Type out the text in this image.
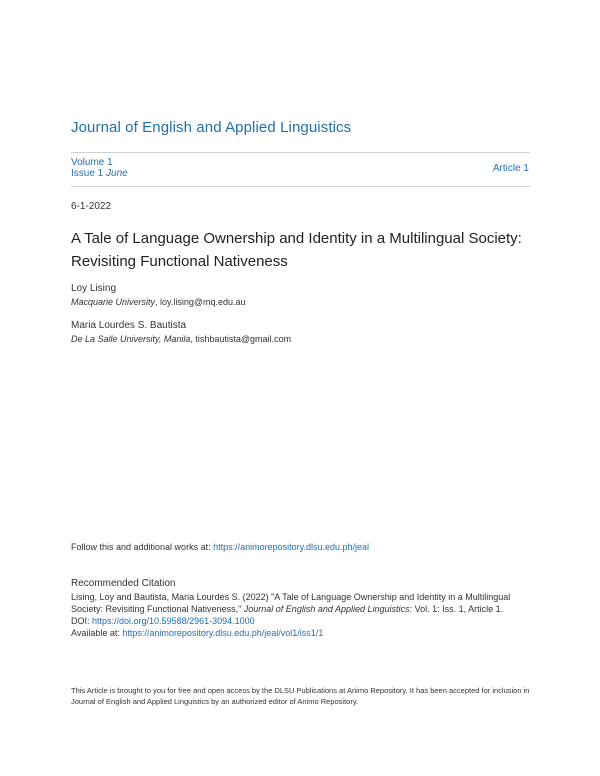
Journal of English and Applied Linguistics
Volume 1
Issue 1 June	Article 1
6-1-2022
A Tale of Language Ownership and Identity in a Multilingual Society: Revisiting Functional Nativeness
Loy Lising
Macquarie University, loy.lising@mq.edu.au
Maria Lourdes S. Bautista
De La Salle University, Manila, tishbautista@gmail.com
Follow this and additional works at: https://animorepository.dlsu.edu.ph/jeal
Recommended Citation
Lising, Loy and Bautista, Maria Lourdes S. (2022) "A Tale of Language Ownership and Identity in a Multilingual Society: Revisiting Functional Nativeness," Journal of English and Applied Linguistics: Vol. 1: Iss. 1, Article 1.
DOI: https://doi.org/10.59588/2961-3094.1000
Available at: https://animorepository.dlsu.edu.ph/jeal/vol1/iss1/1
This Article is brought to you for free and open access by the DLSU Publications at Animo Repository. It has been accepted for inclusion in Journal of English and Applied Linguistics by an authorized editor of Animo Repository.
